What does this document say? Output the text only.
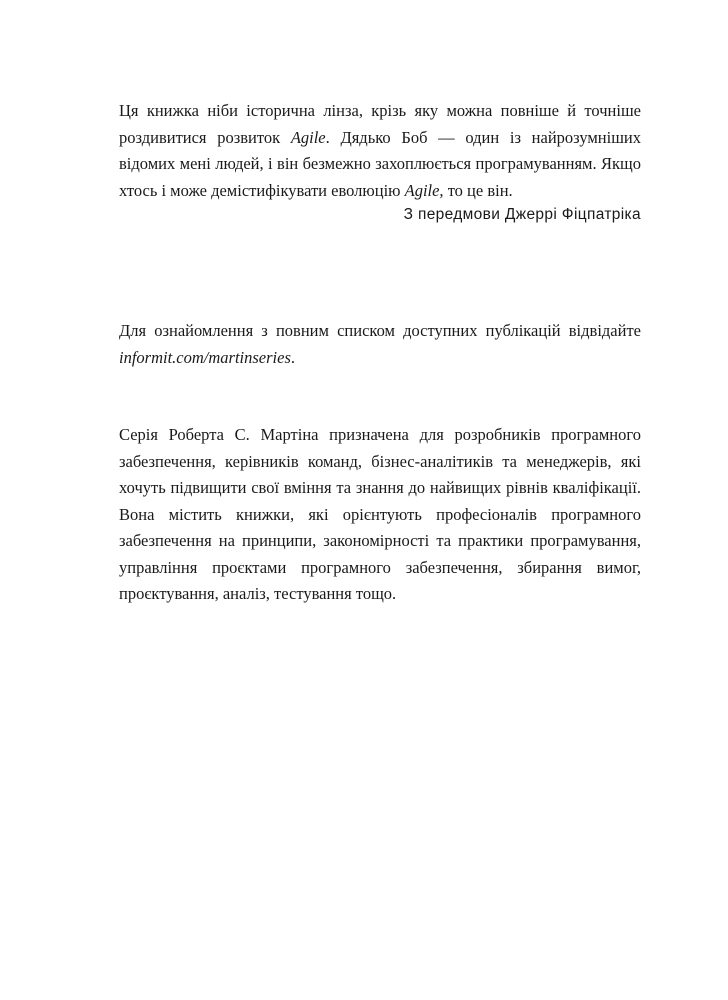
Ця книжка ніби історична лінза, крізь яку можна повніше й точніше роздивитися розвиток Agile. Дядько Боб — один із найрозумніших відомих мені людей, і він безмежно захоплюється програмуванням. Якщо хтось і може демістифікувати еволюцію Agile, то це він.

З передмови Джеррі Фіцпатріка

Для ознайомлення з повним списком доступних публікацій відвідайте informit.com/martinseries.

Серія Роберта С. Мартіна призначена для розробників програмного забезпечення, керівників команд, бізнес-аналітиків та менеджерів, які хочуть підвищити свої вміння та знання до найвищих рівнів кваліфікації. Вона містить книжки, які орієнтують професіоналів програмного забезпечення на принципи, закономірності та практики програмування, управління проєктами програмного забезпечення, збирання вимог, проєктування, аналіз, тестування тощо.
